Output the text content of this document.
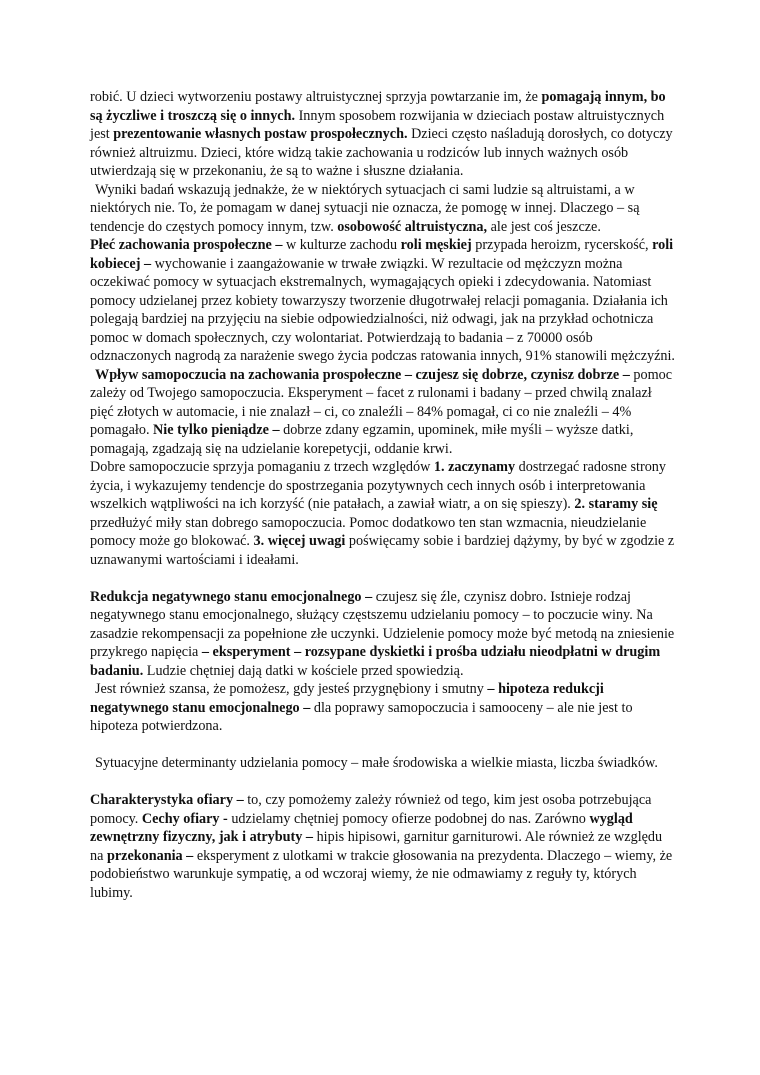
robić. U dzieci wytworzeniu postawy altruistycznej sprzyja powtarzanie im, że pomagają innym, bo są życzliwe i troszczą się o innych. Innym sposobem rozwijania w dzieciach postaw altruistycznych jest prezentowanie własnych postaw prospołecznych. Dzieci często naśladują dorosłych, co dotyczy również altruizmu. Dzieci, które widzą takie zachowania u rodziców lub innych ważnych osób utwierdzają się w przekonaniu, że są to ważne i słuszne działania.

Wyniki badań wskazują jednakże, że w niektórych sytuacjach ci sami ludzie są altruistami, a w niektórych nie. To, że pomagam w danej sytuacji nie oznacza, że pomogę w innej. Dlaczego – są tendencje do częstych pomocy innym, tzw. osobowość altruistyczna, ale jest coś jeszcze.

Płeć zachowania prospołeczne – w kulturze zachodu roli męskiej przypada heroizm, rycerskość, roli kobiecej – wychowanie i zaangażowanie w trwałe związki. W rezultacie od mężczyzn można oczekiwać pomocy w sytuacjach ekstremalnych, wymagających opieki i zdecydowania. Natomiast pomocy udzielanej przez kobiety towarzyszy tworzenie długotrwałej relacji pomagania. Działania ich polegają bardziej na przyjęciu na siebie odpowiedzialności, niż odwagi, jak na przykład ochotnicza pomoc w domach społecznych, czy wolontariat. Potwierdzają to badania – z 70000 osób odznaczonych nagrodą za narażenie swego życia podczas ratowania innych, 91% stanowili mężczyźni.

Wpływ samopoczucia na zachowania prospołeczne – czujesz się dobrze, czynisz dobrze – pomoc zależy od Twojego samopoczucia. Eksperyment – facet z rulonami i badany – przed chwilą znalazł pięć złotych w automacie, i nie znalazł – ci, co znaleźli – 84% pomagał, ci co nie znaleźli – 4% pomagało. Nie tylko pieniądze – dobrze zdany egzamin, upominek, miłe myśli – wyższe datki, pomagają, zgadzają się na udzielanie korepetycji, oddanie krwi.

Dobre samopoczucie sprzyja pomaganiu z trzech względów 1. zaczynamy dostrzegać radosne strony życia, i wykazujemy tendencje do spostrzegania pozytywnych cech innych osób i interpretowania wszelkich wątpliwości na ich korzyść (nie patałach, a zawiał wiatr, a on się spieszy). 2. staramy się przedłużyć miły stan dobrego samopoczucia. Pomoc dodatkowo ten stan wzmacnia, nieudzielanie pomocy może go blokować. 3. więcej uwagi poświęcamy sobie i bardziej dążymy, by być w zgodzie z uznawanymi wartościami i ideałami.

Redukcja negatywnego stanu emocjonalnego – czujesz się źle, czynisz dobro. Istnieje rodzaj negatywnego stanu emocjonalnego, służący częstszemu udzielaniu pomocy – to poczucie winy. Na zasadzie rekompensacji za popełnione złe uczynki. Udzielenie pomocy może być metodą na zniesienie przykrego napięcia – eksperyment – rozsypane dyskietki i prośba udziału nieodpłatni w drugim badaniu. Ludzie chętniej dają datki w kościele przed spowiedzią.

Jest również szansa, że pomożesz, gdy jesteś przygnębiony i smutny – hipoteza redukcji negatywnego stanu emocjonalnego – dla poprawy samopoczucia i samooceny – ale nie jest to hipoteza potwierdzona.

Sytuacyjne determinanty udzielania pomocy – małe środowiska a wielkie miasta, liczba świadków.

Charakterystyka ofiary – to, czy pomożemy zależy również od tego, kim jest osoba potrzebująca pomocy. Cechy ofiary - udzielamy chętniej pomocy ofierze podobnej do nas. Zarówno wygląd zewnętrzny fizyczny, jak i atrybuty – hipis hipisowi, garnitur garniturowi. Ale również ze względu na przekonania – eksperyment z ulotkami w trakcie głosowania na prezydenta. Dlaczego – wiemy, że podobieństwo warunkuje sympatię, a od wczoraj wiemy, że nie odmawiamy z reguły ty, których lubimy.
